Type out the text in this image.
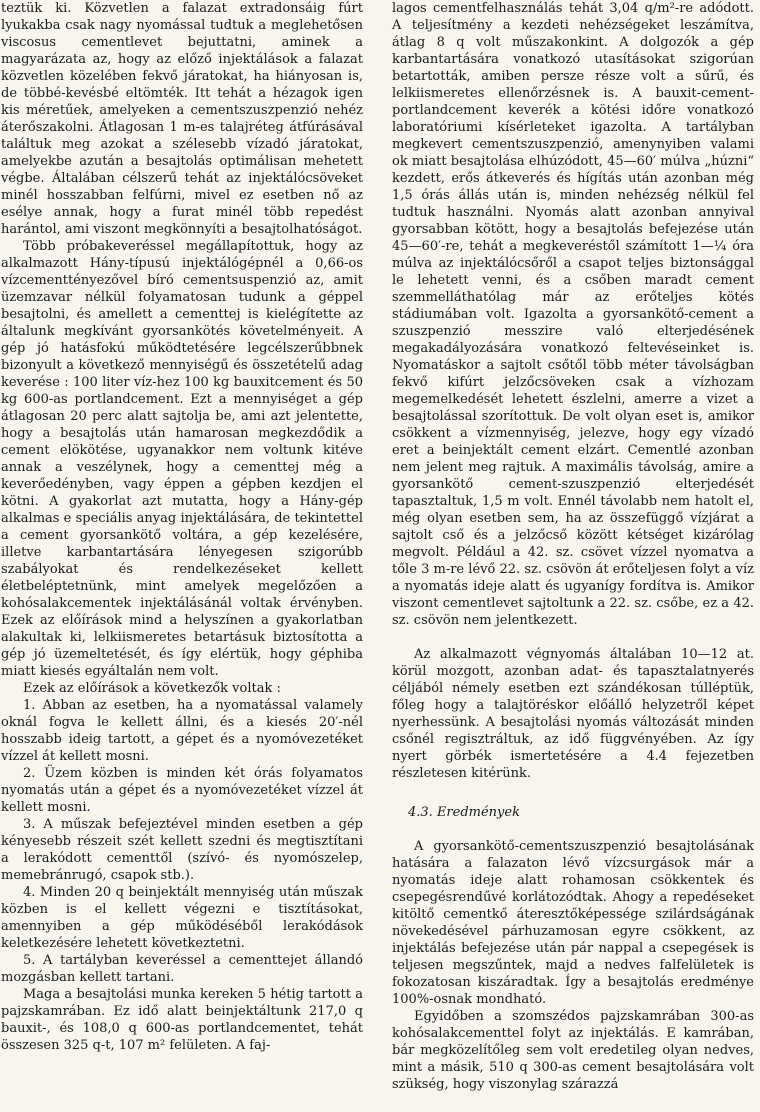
teztük ki. Közvetlen a falazat extradonsáig fúrt lyukakba csak nagy nyomással tudtuk a meglehetősen viscosus cementlevet bejuttatni, aminek a magyarázata az, hogy az előző injektálások a falazat közvetlen közelében fekvő járatokat, ha hiányosan is, de többé-kevésbé eltömték. Itt tehát a hézagok igen kis méretűek, amelyeken a cementszuszpenzió nehéz áterőszakolni. Átlagosan 1 m-es talajréteg átfúrásával találtuk meg azokat a szélesebb vízadó járatokat, amelyekbe azután a besajtolás optimálisan mehetett végbe. Általában célszerű tehát az injektálócsöveket minél hosszabban felfúrni, mivel ez esetben nő az esélye annak, hogy a furat minél több repedést harántol, ami viszont megkönnyíti a besajtolhatóságot.

Több próbakeveréssel megállapítottuk, hogy az alkalmazott Hány-típusú injektálógépnél a 0,66-os vízcementtényezővel bíró cementsuspenzió az, amit üzemzavar nélkül folyamatosan tudunk a géppel besajtolni, és amellett a cementtej is kielégítette az általunk megkívánt gyorsankötés követelményeit. A gép jó hatásfokú működtetésére legcélszerűbbnek bizonyult a következő mennyiségű és összetételű adag keverése : 100 liter víz-hez 100 kg bauxitcement és 50 kg 600-as portlandcement. Ezt a mennyiséget a gép átlagosan 20 perc alatt sajtolja be, ami azt jelentette, hogy a besajtolás után hamarosan megkezdődik a cement elökötése, ugyanakkor nem voltunk kitéve annak a veszélynek, hogy a cementtej még a keverőedényben, vagy éppen a gépben kezdjen el kötni. A gyakorlat azt mutatta, hogy a Hány-gép alkalmas e speciális anyag injektálására, de tekintettel a cement gyorsankötő voltára, a gép kezelésére, illetve karbantartására lényegesen szigorúbb szabályokat és rendelkezéseket kellett életbeléptetnünk, mint amelyek megelőzően a kohósalakcementek injektálásánál voltak érvényben. Ezek az előírások mind a helyszínen a gyakorlatban alakultak ki, lelkiismeretes betartásuk biztosította a gép jó üzemeltetését, és így elértük, hogy géphiba miatt kiesés egyáltalán nem volt.

Ezek az előírások a következők voltak :

1. Abban az esetben, ha a nyomatással valamely oknál fogva le kellett állni, és a kiesés 20′-nél hosszabb ideig tartott, a gépet és a nyomóvezetéket vízzel át kellett mosni.

2. Üzem közben is minden két órás folyamatos nyomatás után a gépet és a nyomóvezetéket vízzel át kellett mosni.

3. A műszak befejeztével minden esetben a gép kényesebb részeit szét kellett szedni és megtisztítani a lerakódott cementtől (szívó- és nyomószelep, memebránrugó, csapok stb.).

4. Minden 20 q beinjektált mennyiség után műszak közben is el kellett végezni e tisztításokat, amennyiben a gép működéséből lerakódások keletkezésére lehetett következtetni.

5. A tartályban keveréssel a cementtejet állandó mozgásban kellett tartani.

Maga a besajtolási munka kereken 5 hétig tartott a pajzskamrában. Ez idő alatt beinjektáltunk 217,0 q bauxit-, és 108,0 q 600-as portlandcementet, tehát összesen 325 q-t, 107 m² felületen. A faj-

lagos cementfelhasználás tehát 3,04 q/m²-re adódott. A teljesítmény a kezdeti nehézségeket leszámítva, átlag 8 q volt műszakonkint. A dolgozók a gép karbantartására vonatkozó utasításokat szigorúan betartották, amiben persze része volt a sűrű, és lelkiismeretes ellenőrzésnek is. A bauxit-cement-portlandcement keverék a kötési időre vonatkozó laboratóriumi kísérleteket igazolta. A tartályban megkevert cementszuszpenzió, amenynyiben valami ok miatt besajtolása elhúzódott, 45—60′ múlva „húzni“ kezdett, erős átkeverés és hígítás után azonban még 1,5 órás állás után is, minden nehézség nélkül fel tudtuk használni. Nyomás alatt azonban annyival gyorsabban kötött, hogy a besajtolás befejezése után 45—60′-re, tehát a megkeveréstől számított 1—¼ óra múlva az injektálócsőről a csapot teljes biztonsággal le lehetett venni, és a csőben maradt cement szemmelláthatólag már az erőteljes kötés stádiumában volt. Igazolta a gyorsankötő-cement a szuszpenzió messzire való elterjedésének megakadályozására vonatkozó feltevéseinket is. Nyomatáskor a sajtolt csőtől több méter távolságban fekvő kifúrt jelzőcsöveken csak a vízhozam megemelkedését lehetett észlelni, amerre a vizet a besajtolással szorítottuk. De volt olyan eset is, amikor csökkent a vízmennyiség, jelezve, hogy egy vízadó eret a beinjektált cement elzárt. Cementlé azonban nem jelent meg rajtuk. A maximális távolság, amire a gyorsankötő cement-szuszpenzió elterjedését tapasztaltuk, 1,5 m volt. Ennél távolabb nem hatolt el, még olyan esetben sem, ha az összefüggő vízjárat a sajtolt cső és a jelzőcső között kétséget kizárólag megvolt. Például a 42. sz. csövet vízzel nyomatva a tőle 3 m-re lévő 22. sz. csövön át erőteljesen folyt a víz a nyomatás ideje alatt és ugyanígy fordítva is. Amikor viszont cementlevet sajtoltunk a 22. sz. csőbe, ez a 42. sz. csövön nem jelentkezett.

Az alkalmazott végnyomás általában 10—12 at. körül mozgott, azonban adat- és tapasztalatnyerés céljából némely esetben ezt szándékosan túlléptük, főleg hogy a talajtöréskor előálló helyzetről képet nyerhessünk. A besajtolási nyomás változását minden csőnél regisztráltuk, az idő függvényében. Az így nyert görbék ismertetésére a 4.4 fejezetben részletesen kitérünk.

4.3. Eredmények

A gyorsankötő-cementszuszpenzió besajtolásának hatására a falazaton lévő vízcsurgások már a nyomatás ideje alatt rohamosan csökkentek és csepegésrendűvé korlátozódtak. Ahogy a repedéseket kitöltő cementkő áteresztőképessége szilárdságának növekedésével párhuzamosan egyre csökkent, az injektálás befejezése után pár nappal a csepegések is teljesen megszűntek, majd a nedves falfelületek is fokozatosan kiszáradtak. Így a besajtolás eredménye 100%-osnak mondható.

Egyidőben a szomszédos pajzskamrában 300-as kohósalakcementtel folyt az injektálás. E kamrában, bár megközelítőleg sem volt eredetileg olyan nedves, mint a másik, 510 q 300-as cement besajtolására volt szükség, hogy viszonylag szárazzá
